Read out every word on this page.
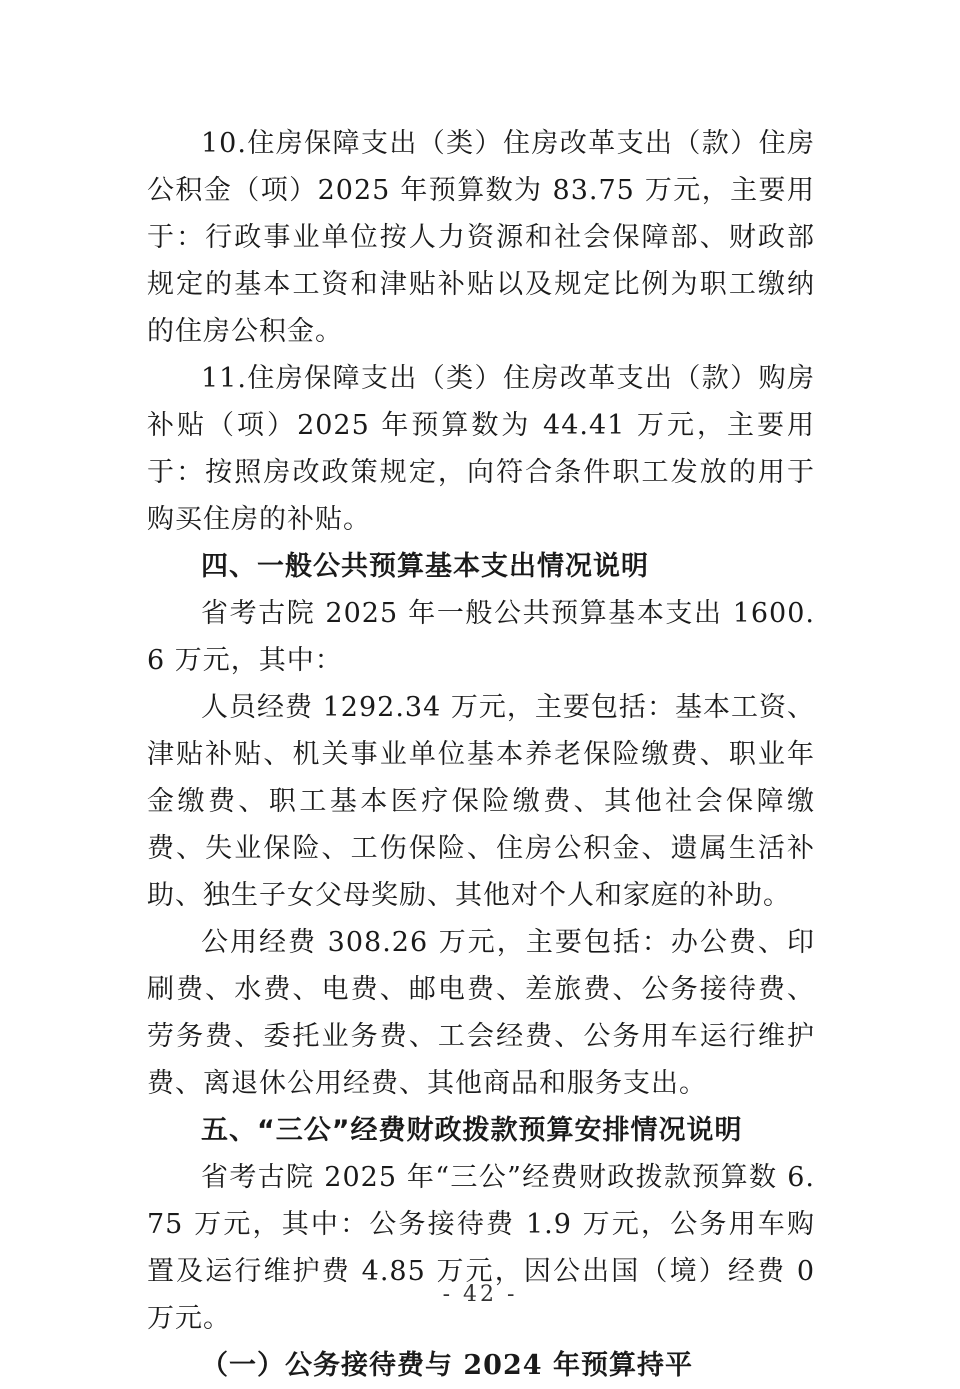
10.住房保障支出（类）住房改革支出（款）住房公积金（项）2025 年预算数为 83.75 万元，主要用于：行政事业单位按人力资源和社会保障部、财政部规定的基本工资和津贴补贴以及规定比例为职工缴纳的住房公积金。

11.住房保障支出（类）住房改革支出（款）购房补贴（项）2025 年预算数为 44.41 万元，主要用于：按照房改政策规定，向符合条件职工发放的用于购买住房的补贴。

四、一般公共预算基本支出情况说明

省考古院 2025 年一般公共预算基本支出 1600.6 万元，其中：

人员经费 1292.34 万元，主要包括：基本工资、津贴补贴、机关事业单位基本养老保险缴费、职业年金缴费、职工基本医疗保险缴费、其他社会保障缴费、失业保险、工伤保险、住房公积金、遗属生活补助、独生子女父母奖励、其他对个人和家庭的补助。

公用经费 308.26 万元，主要包括：办公费、印刷费、水费、电费、邮电费、差旅费、公务接待费、劳务费、委托业务费、工会经费、公务用车运行维护费、离退休公用经费、其他商品和服务支出。

五、“三公”经费财政拨款预算安排情况说明

省考古院 2025 年“三公”经费财政拨款预算数 6.75 万元，其中：公务接待费 1.9 万元，公务用车购置及运行维护费 4.85 万元，因公出国（境）经费 0 万元。

（一）公务接待费与 2024 年预算持平

- 42 -
